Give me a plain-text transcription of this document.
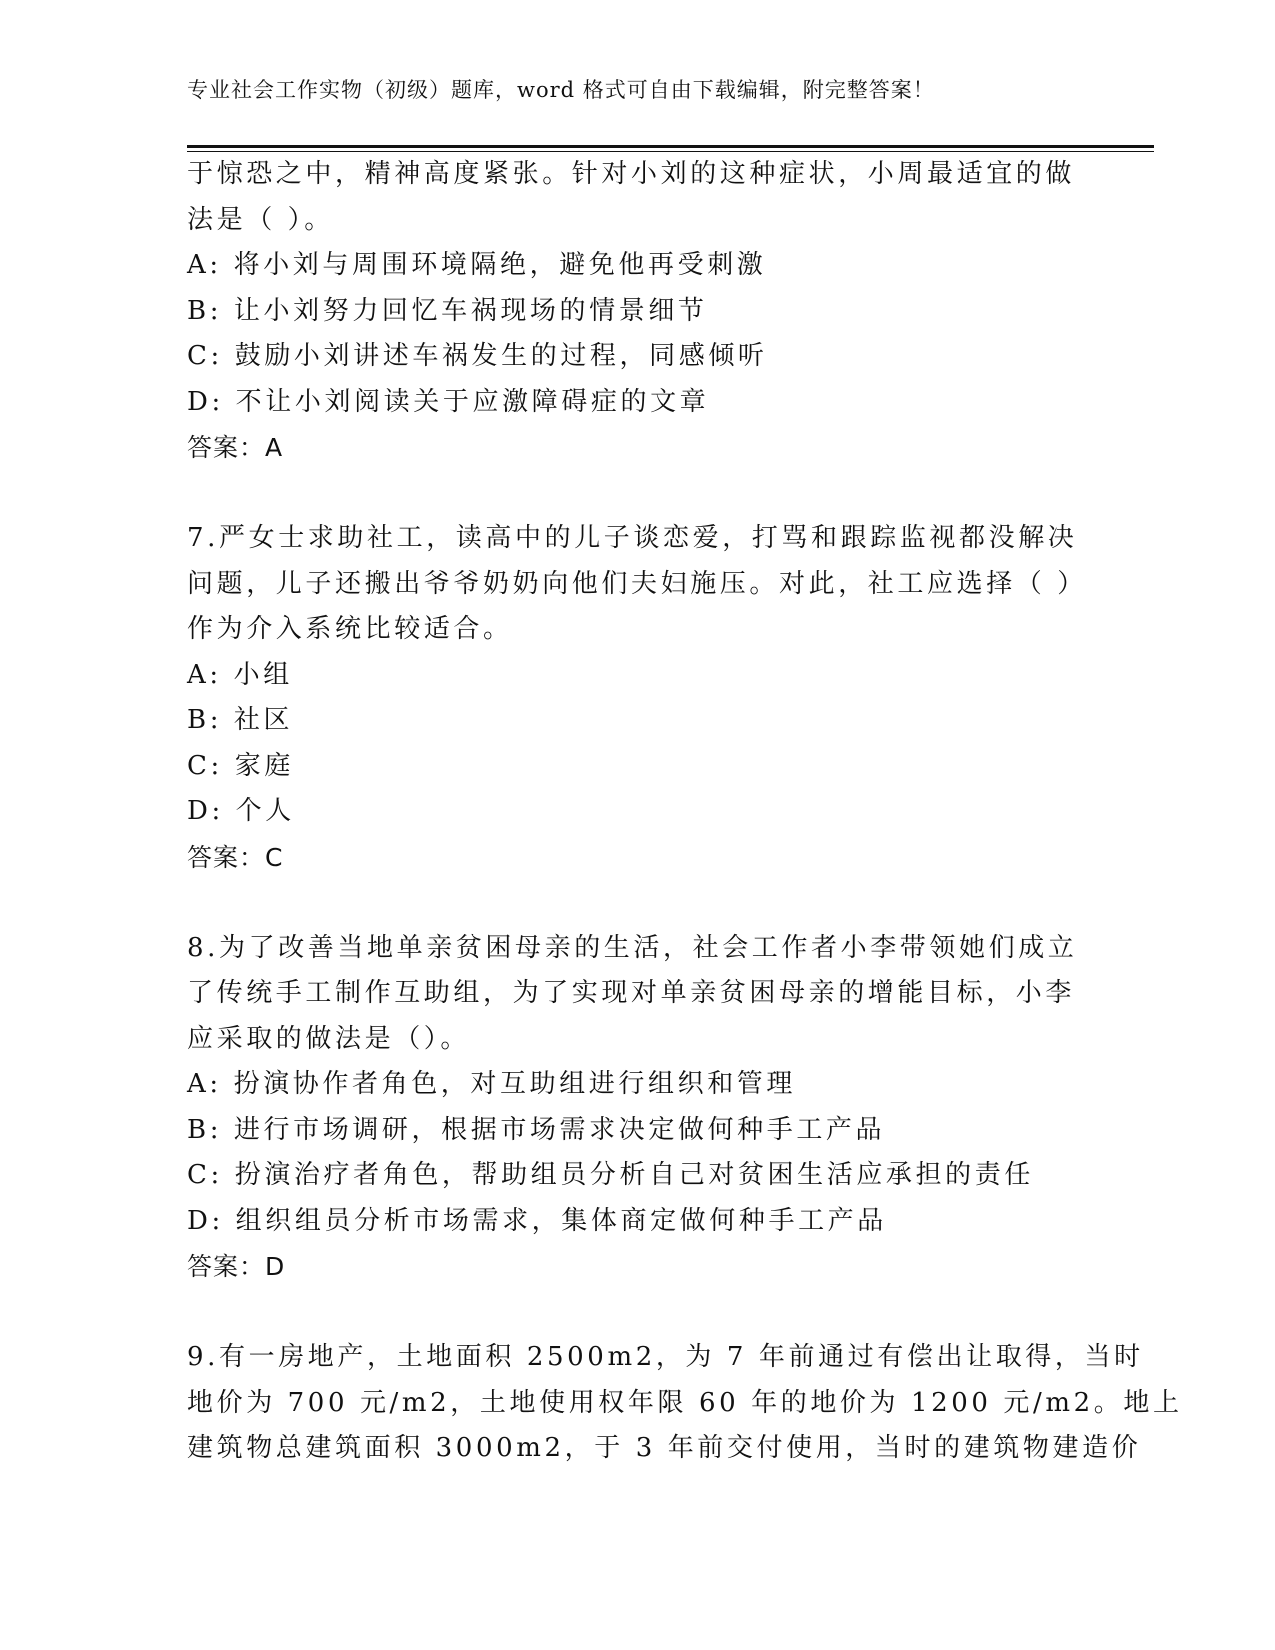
专业社会工作实物（初级）题库，word 格式可自由下载编辑，附完整答案！
于惊恐之中，精神高度紧张。针对小刘的这种症状，小周最适宜的做
法是（ ）。
A: 将小刘与周围环境隔绝，避免他再受刺激
B: 让小刘努力回忆车祸现场的情景细节
C: 鼓励小刘讲述车祸发生的过程，同感倾听
D: 不让小刘阅读关于应激障碍症的文章
答案：A
7.严女士求助社工，读高中的儿子谈恋爱，打骂和跟踪监视都没解决
问题，儿子还搬出爷爷奶奶向他们夫妇施压。对此，社工应选择（ ）
作为介入系统比较适合。
A: 小组
B: 社区
C: 家庭
D: 个人
答案：C
8.为了改善当地单亲贫困母亲的生活，社会工作者小李带领她们成立
了传统手工制作互助组，为了实现对单亲贫困母亲的增能目标，小李
应采取的做法是（）。
A: 扮演协作者角色，对互助组进行组织和管理
B: 进行市场调研，根据市场需求决定做何种手工产品
C: 扮演治疗者角色，帮助组员分析自己对贫困生活应承担的责任
D: 组织组员分析市场需求，集体商定做何种手工产品
答案：D
9.有一房地产，土地面积 2500m2，为 7 年前通过有偿出让取得，当时
地价为 700 元/m2，土地使用权年限 60 年的地价为 1200 元/m2。地上
建筑物总建筑面积 3000m2，于 3 年前交付使用，当时的建筑物建造价
